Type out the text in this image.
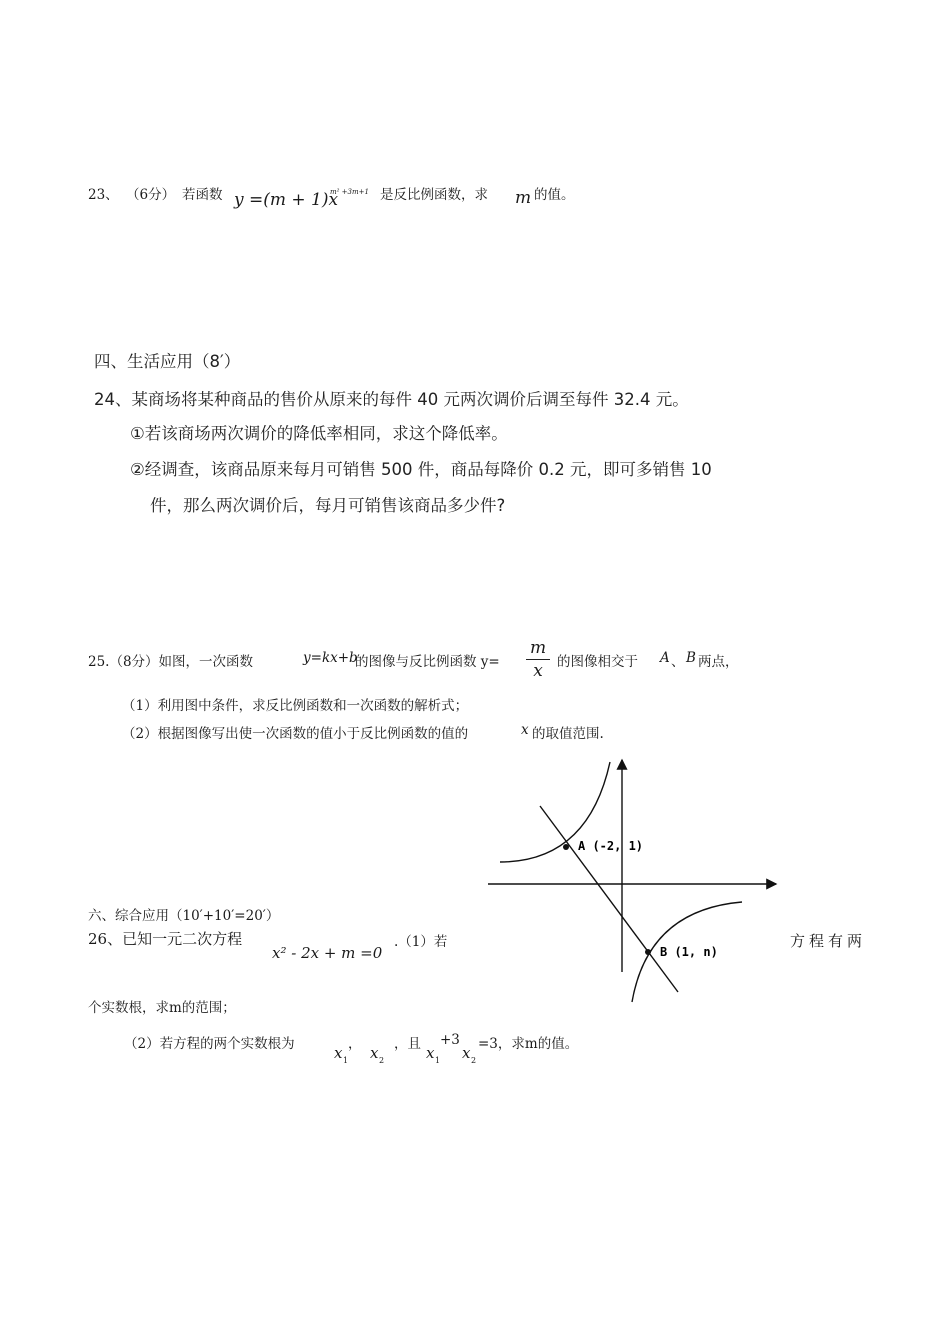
23、 （6分） 若函数 y =(m + 1)x
m² +3m+1 是反比例函数，求 m 的值。
四、生活应用（8′）
24、某商场将某种商品的售价从原来的每件 40 元两次调价后调至每件 32.4 元。
①若该商场两次调价的降低率相同，求这个降低率。
②经调查，该商品原来每月可销售 500 件，商品每降价 0.2 元，即可多销售 10
件，那么两次调价后，每月可销售该商品多少件?
25.（8分）如图，一次函数	y=kx+b
的图像与反比例函数 y=
m
x	的图像相交于 A 、 B 两点，
（1）利用图中条件，求反比例函数和一次函数的解析式；
（2）根据图像写出使一次函数的值小于反比例函数的值的	x 的取值范围.
A (-2, 1)
B (1, n)
六、综合应用（10′+10′=20′）
26、已知一元二次方程
x² - 2x + m =0
.（1）若	方程有两
个实数根，求m的范围；
（2）若方程的两个实数根为	x 1
， x 2
，且 x 1
+3
x 2
=3，求m的值。
